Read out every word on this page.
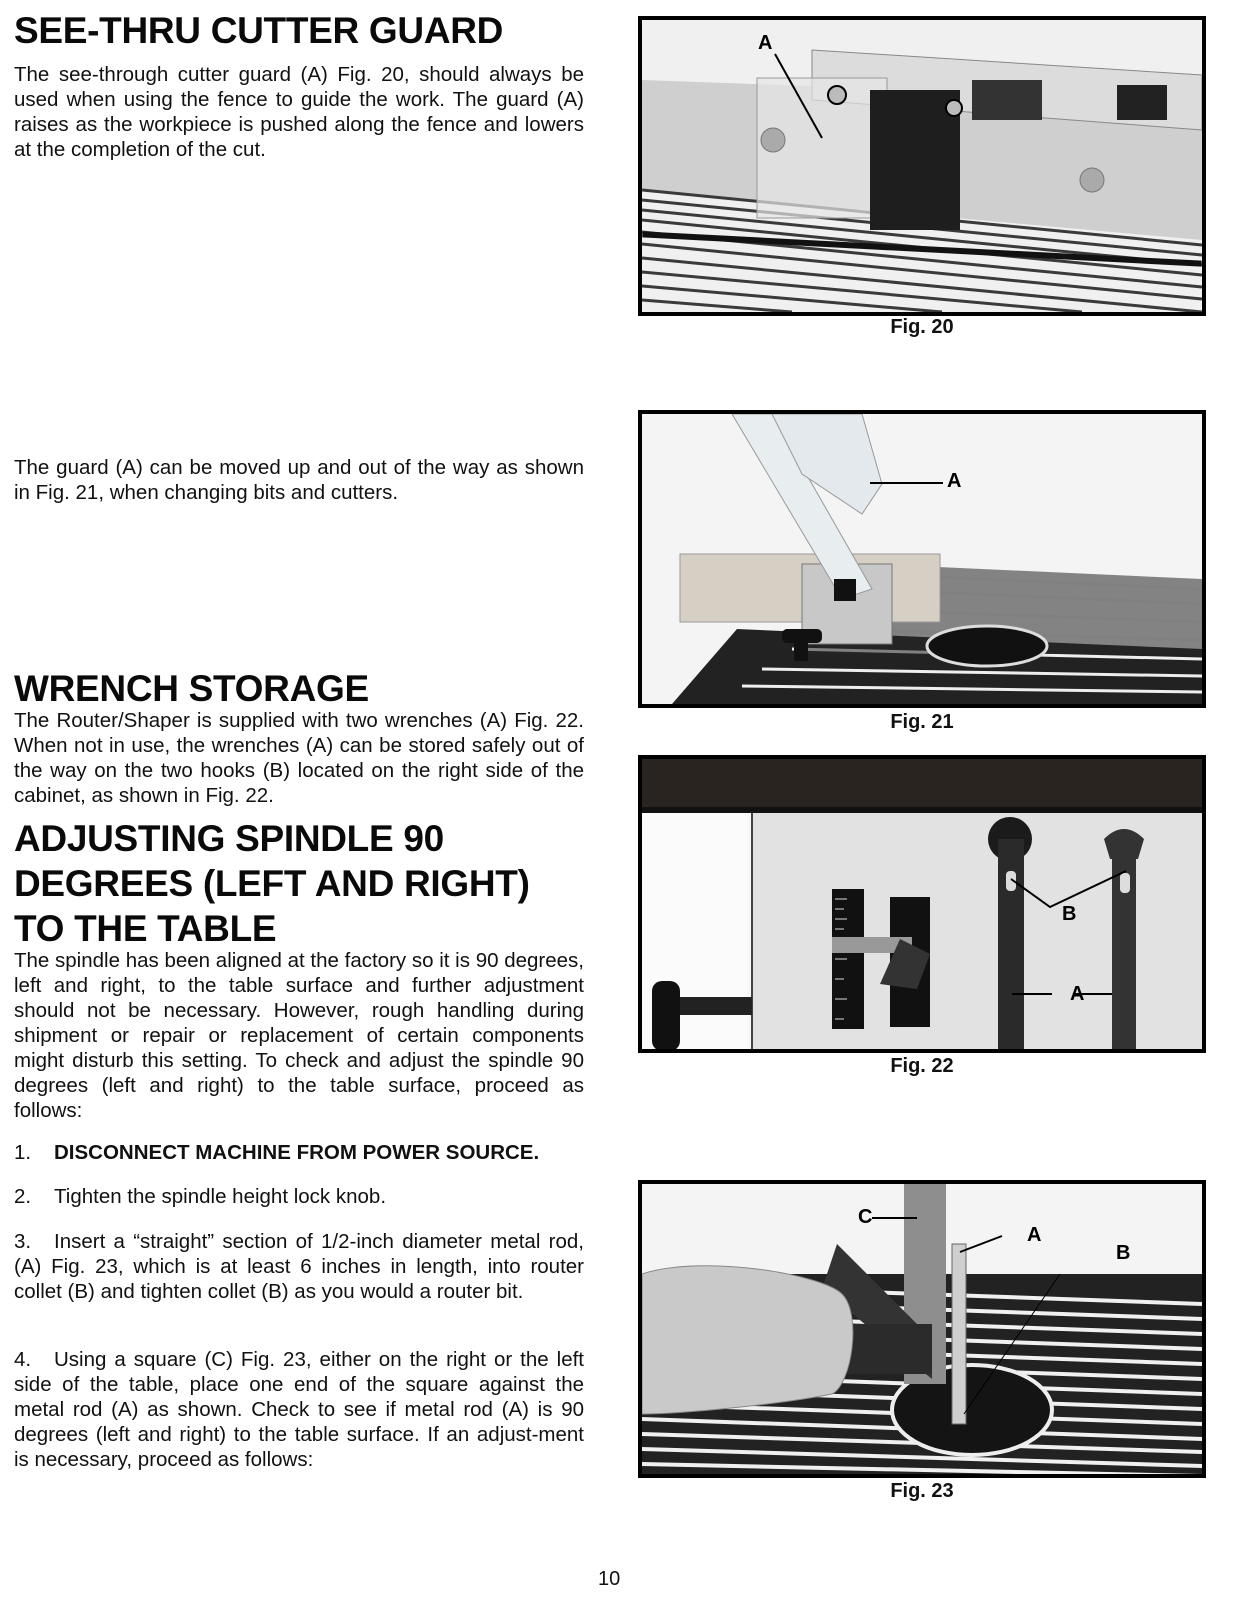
SEE-THRU CUTTER GUARD

The see-through cutter guard (A) Fig. 20, should always be used when using the fence to guide the work. The guard (A) raises as the workpiece is pushed along the fence and lowers at the completion of the cut.

The guard (A) can be moved up and out of the way as shown in Fig. 21, when changing bits and cutters.

WRENCH STORAGE

The Router/Shaper is supplied with two wrenches (A) Fig. 22. When not in use, the wrenches (A) can be stored safely out of the way on the two hooks (B) located on the right side of the cabinet, as shown in Fig. 22.

ADJUSTING SPINDLE 90
DEGREES (LEFT AND RIGHT)
TO THE TABLE

The spindle has been aligned at the factory so it is 90 degrees, left and right, to the table surface and further adjustment should not be necessary. However, rough handling during shipment or repair or replacement of certain components might disturb this setting. To check and adjust the spindle 90 degrees (left and right) to the table surface, proceed as follows:

1. DISCONNECT MACHINE FROM POWER SOURCE.
2. Tighten the spindle height lock knob.
3. Insert a “straight” section of 1/2-inch diameter metal rod, (A) Fig. 23, which is at least 6 inches in length, into router collet (B) and tighten collet (B) as you would a router bit.
4. Using a square (C) Fig. 23, either on the right or the left side of the table, place one end of the square against the metal rod (A) as shown. Check to see if metal rod (A) is 90 degrees (left and right) to the table surface. If an adjust-ment is necessary, proceed as follows:
A
Fig. 20
A
Fig. 21
B
A
Fig. 22
C
A
B
Fig. 23
10
